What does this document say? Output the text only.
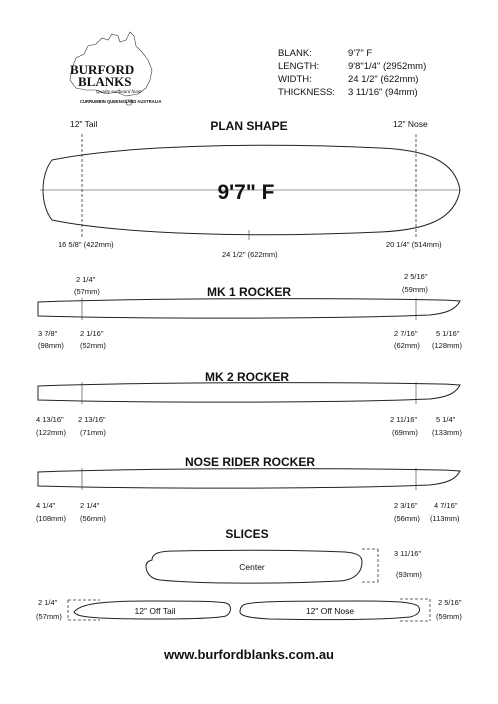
BURFORD
BLANKS
Quality surfboard foam
CURRUMBIN QUEENSLAND AUSTRALIA
BLANK:	9'7" F
LENGTH:	9'8"1/4" (2952mm)
WIDTH:	24 1/2" (622mm)
THICKNESS: 3 11/16" (94mm)
PLAN SHAPE
12" Tail	12" Nose
9'7" F
16 5/8" (422mm)
24 1/2" (622mm)
20 1/4" (514mm)
2 1/4"
(57mm)
2 5/16"
(59mm)
MK 1 ROCKER
3 7/8"
(98mm)
2 1/16"
(52mm)
2 7/16"
(62mm)
5 1/16"
(128mm)
MK 2 ROCKER
4 13/16"
(122mm)
2 13/16"
(71mm)
2 11/16"
(69mm)
5 1/4"
(133mm)
NOSE RIDER ROCKER
4 1/4"
(108mm)
2 1/4"
(56mm)
2 3/16"
(56mm)
4 7/16"
(113mm)
SLICES
Center
3 11/16"
(93mm)
12" Off Tail
2 1/4"
(57mm)
12" Off Nose
2 5/16"
(59mm)
www.burfordblanks.com.au
